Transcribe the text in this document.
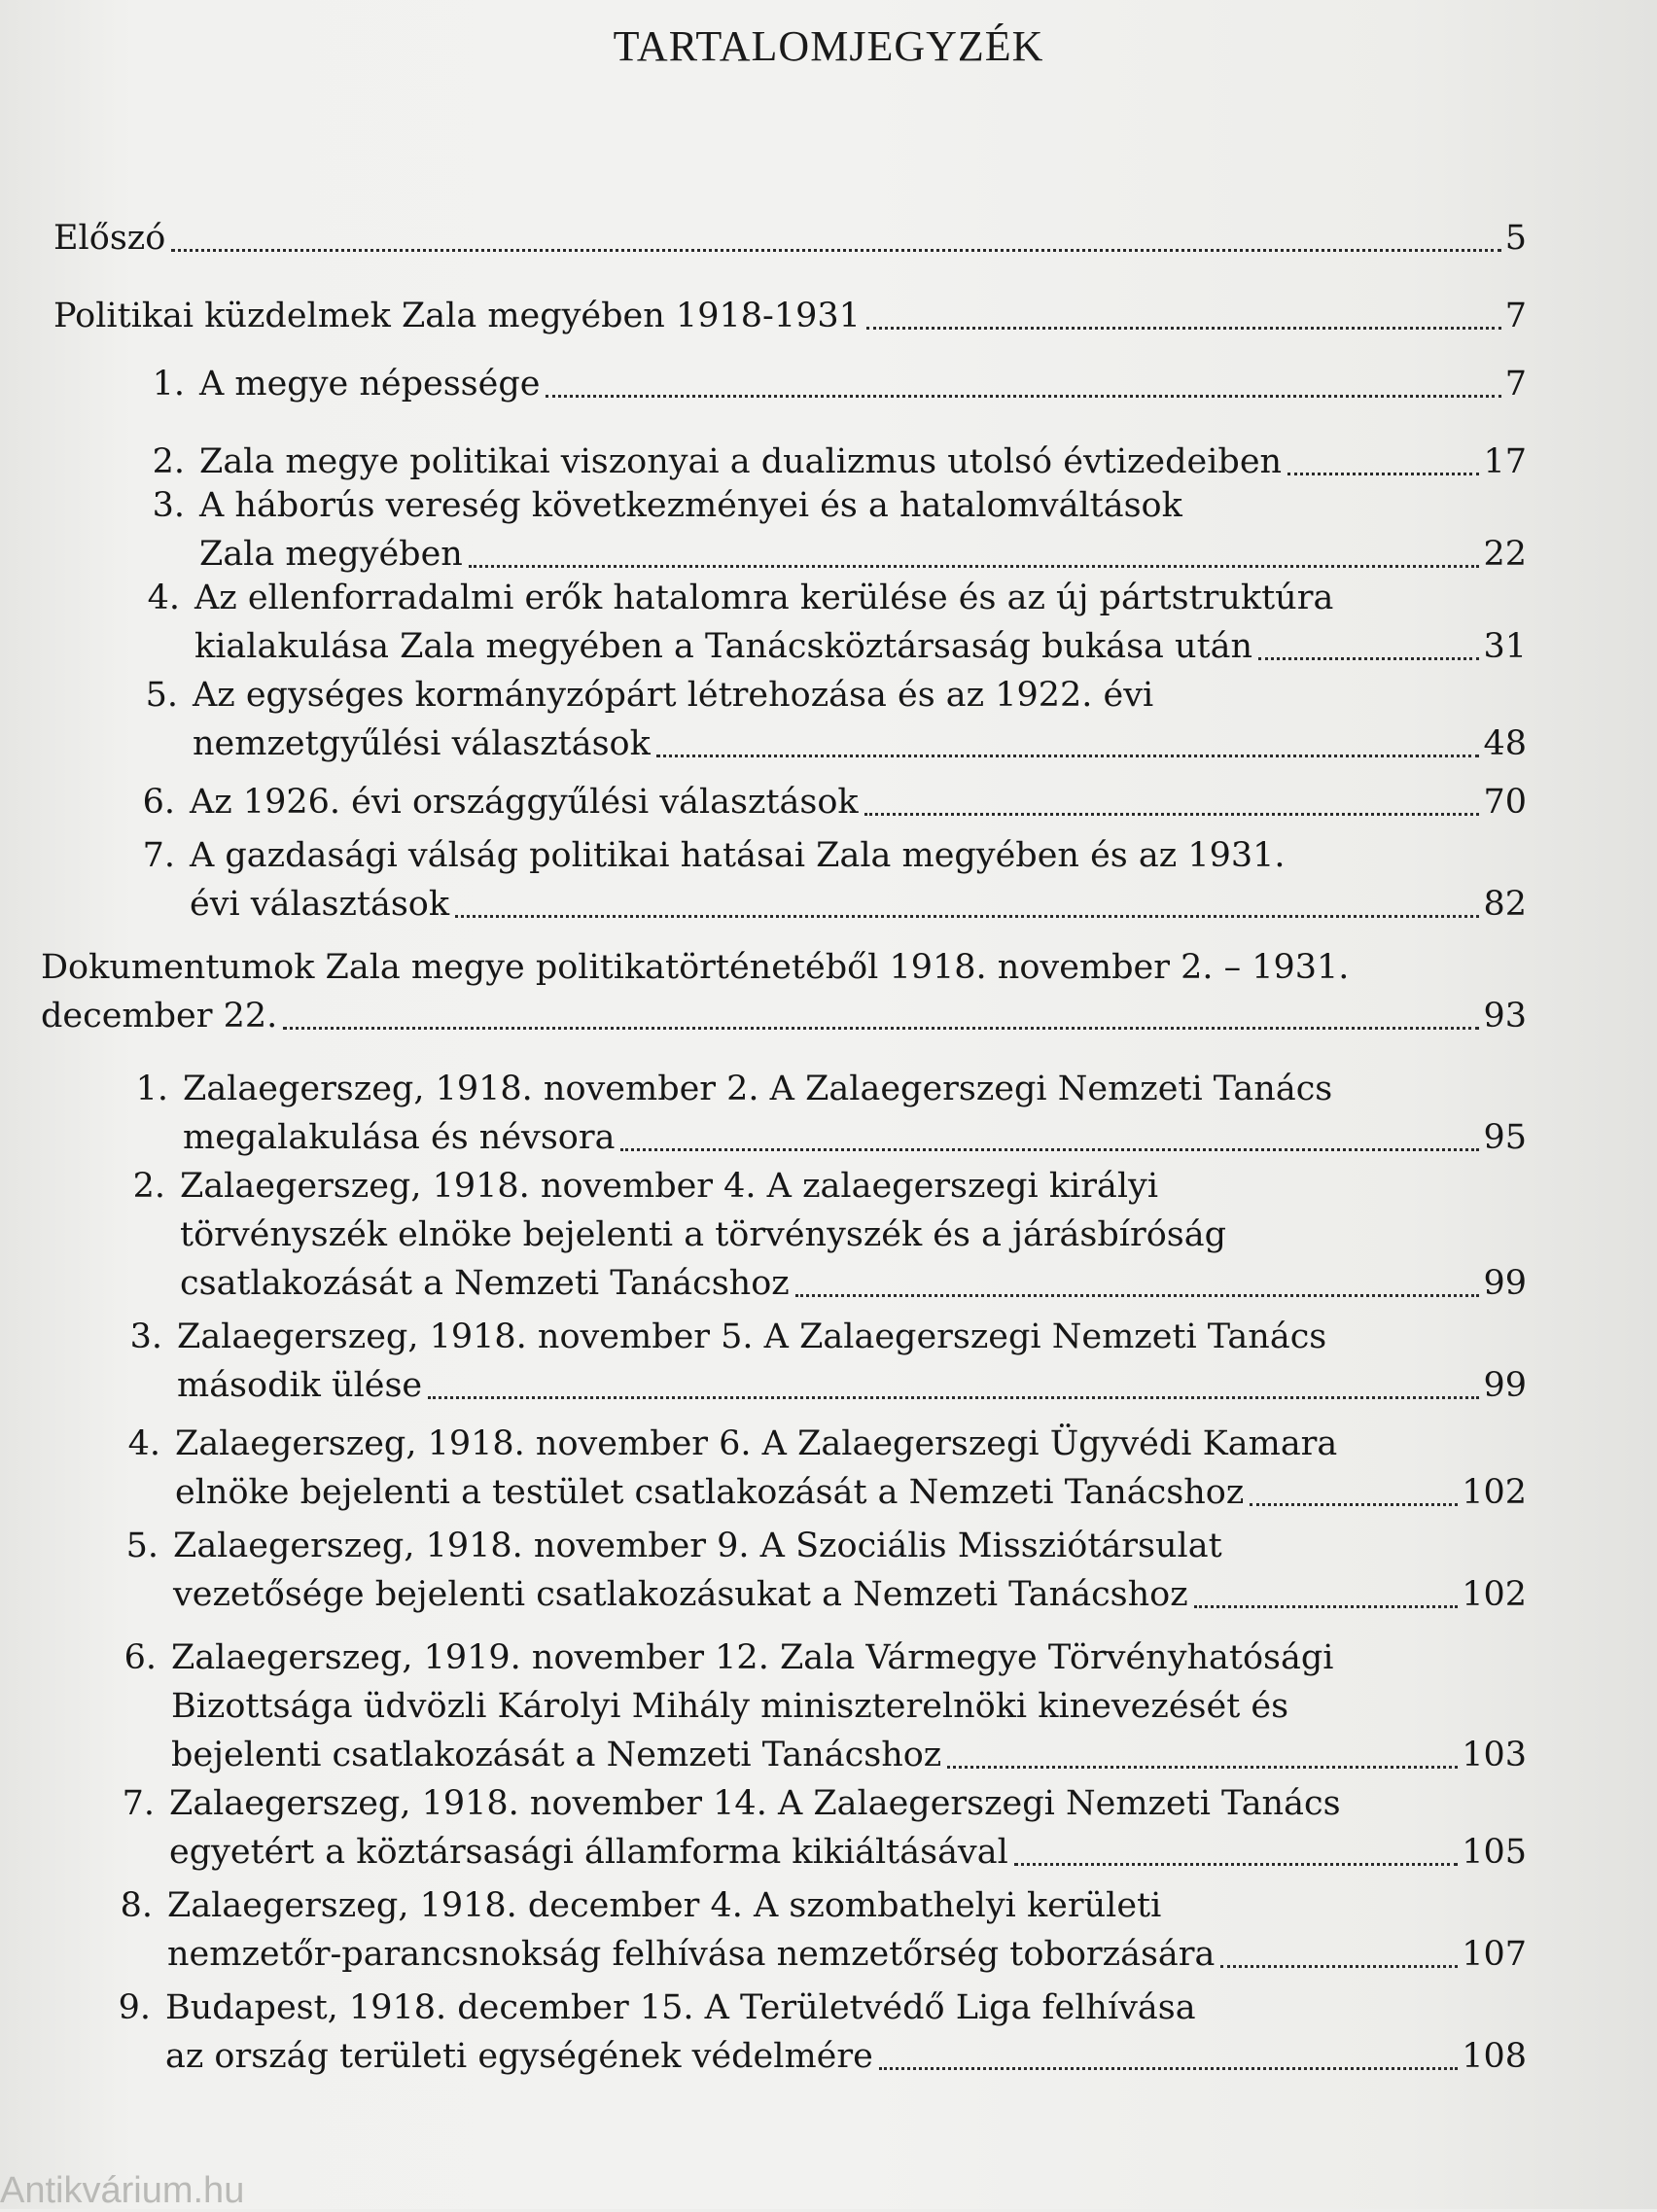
TARTALOMJEGYZÉK
Előszó	5
Politikai küzdelmek Zala megyében 1918-1931	7
1. A megye népessége	7
2. Zala megye politikai viszonyai a dualizmus utolsó évtizedeiben	17
3. A háborús vereség következményei és a hatalomváltások
Zala megyében	22
4. Az ellenforradalmi erők hatalomra kerülése és az új pártstruktúra
kialakulása Zala megyében a Tanácsköztársaság bukása után	31
5. Az egységes kormányzópárt létrehozása és az 1922. évi
nemzetgyűlési választások	48
6. Az 1926. évi országgyűlési választások	70
7. A gazdasági válság politikai hatásai Zala megyében és az 1931.
évi választások	82
Dokumentumok Zala megye politikatörténetéből 1918. november 2. – 1931.
december 22.	93
1. Zalaegerszeg, 1918. november 2. A Zalaegerszegi Nemzeti Tanács
megalakulása és névsora	95
2. Zalaegerszeg, 1918. november 4. A zalaegerszegi királyi
törvényszék elnöke bejelenti a törvényszék és a járásbíróság
csatlakozását a Nemzeti Tanácshoz	99
3. Zalaegerszeg, 1918. november 5. A Zalaegerszegi Nemzeti Tanács
második ülése	99
4. Zalaegerszeg, 1918. november 6. A Zalaegerszegi Ügyvédi Kamara
elnöke bejelenti a testület csatlakozását a Nemzeti Tanácshoz	102
5. Zalaegerszeg, 1918. november 9. A Szociális Missziótársulat
vezetősége bejelenti csatlakozásukat a Nemzeti Tanácshoz	102
6. Zalaegerszeg, 1919. november 12. Zala Vármegye Törvényhatósági
Bizottsága üdvözli Károlyi Mihály miniszterelnöki kinevezését és
bejelenti csatlakozását a Nemzeti Tanácshoz	103
7. Zalaegerszeg, 1918. november 14. A Zalaegerszegi Nemzeti Tanács
egyetért a köztársasági államforma kikiáltásával	105
8. Zalaegerszeg, 1918. december 4. A szombathelyi kerületi
nemzetőr-parancsnokság felhívása nemzetőrség toborzására	107
9. Budapest, 1918. december 15. A Területvédő Liga felhívása
az ország területi egységének védelmére	108
Antikvárium.hu
